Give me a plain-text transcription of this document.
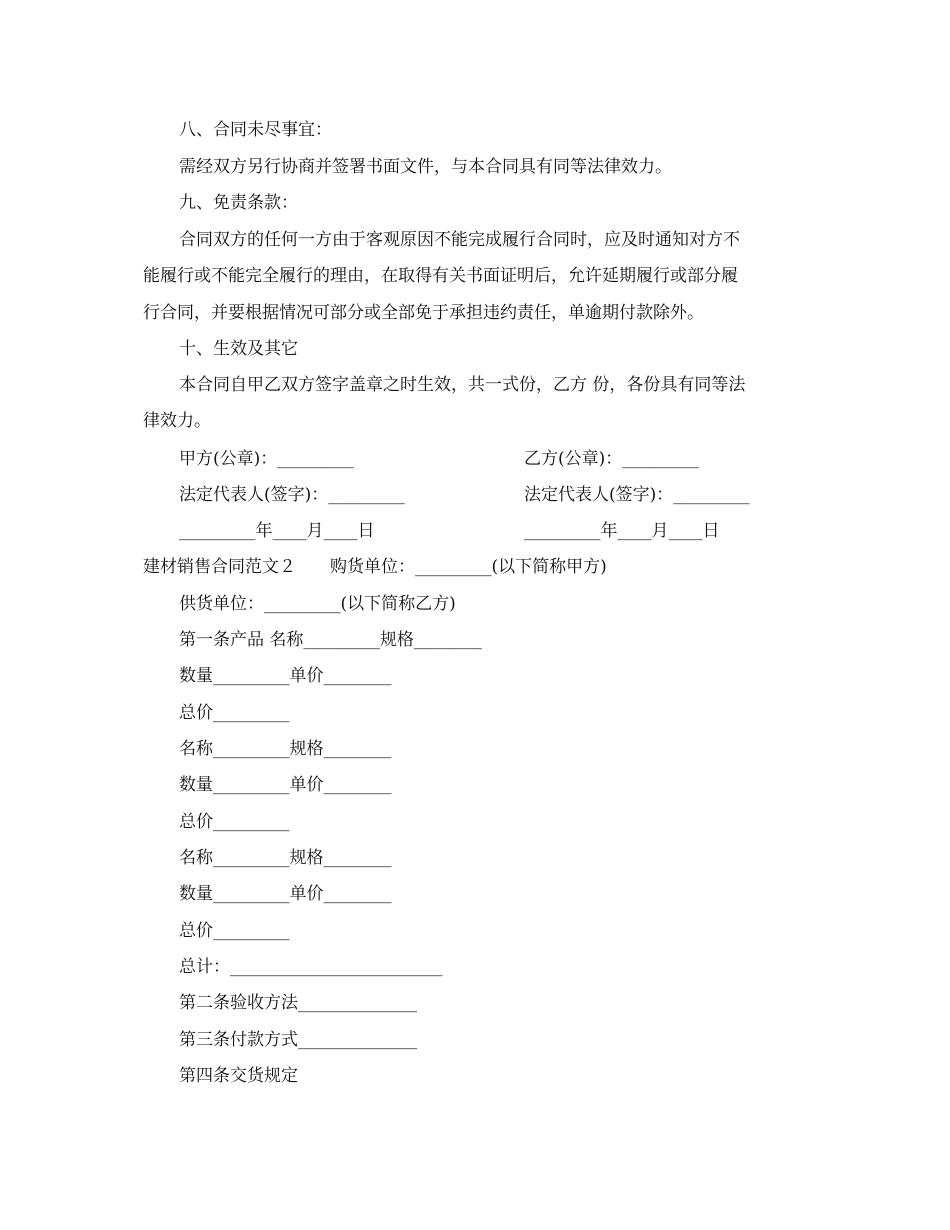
八、合同未尽事宜：
需经双方另行协商并签署书面文件，与本合同具有同等法律效力。
九、免责条款：
合同双方的任何一方由于客观原因不能完成履行合同时，应及时通知对方不
能履行或不能完全履行的理由，在取得有关书面证明后，允许延期履行或部分履
行合同，并要根据情况可部分或全部免于承担违约责任，单逾期付款除外。
十、生效及其它
本合同自甲乙双方签字盖章之时生效，共一式份，乙方 份，各份具有同等法
律效力。
甲方(公章)：_________	乙方(公章)：_________
法定代表人(签字)：_________	法定代表人(签字)：_________
_________年____月____日	_________年____月____日
建材销售合同范文２　　购货单位：_________(以下简称甲方)
供货单位：_________(以下简称乙方)
第一条产品 名称_________规格________
数量_________单价________
总价_________
名称_________规格________
数量_________单价________
总价_________
名称_________规格________
数量_________单价________
总价_________
总计：_________________________
第二条验收方法______________
第三条付款方式______________
第四条交货规定
